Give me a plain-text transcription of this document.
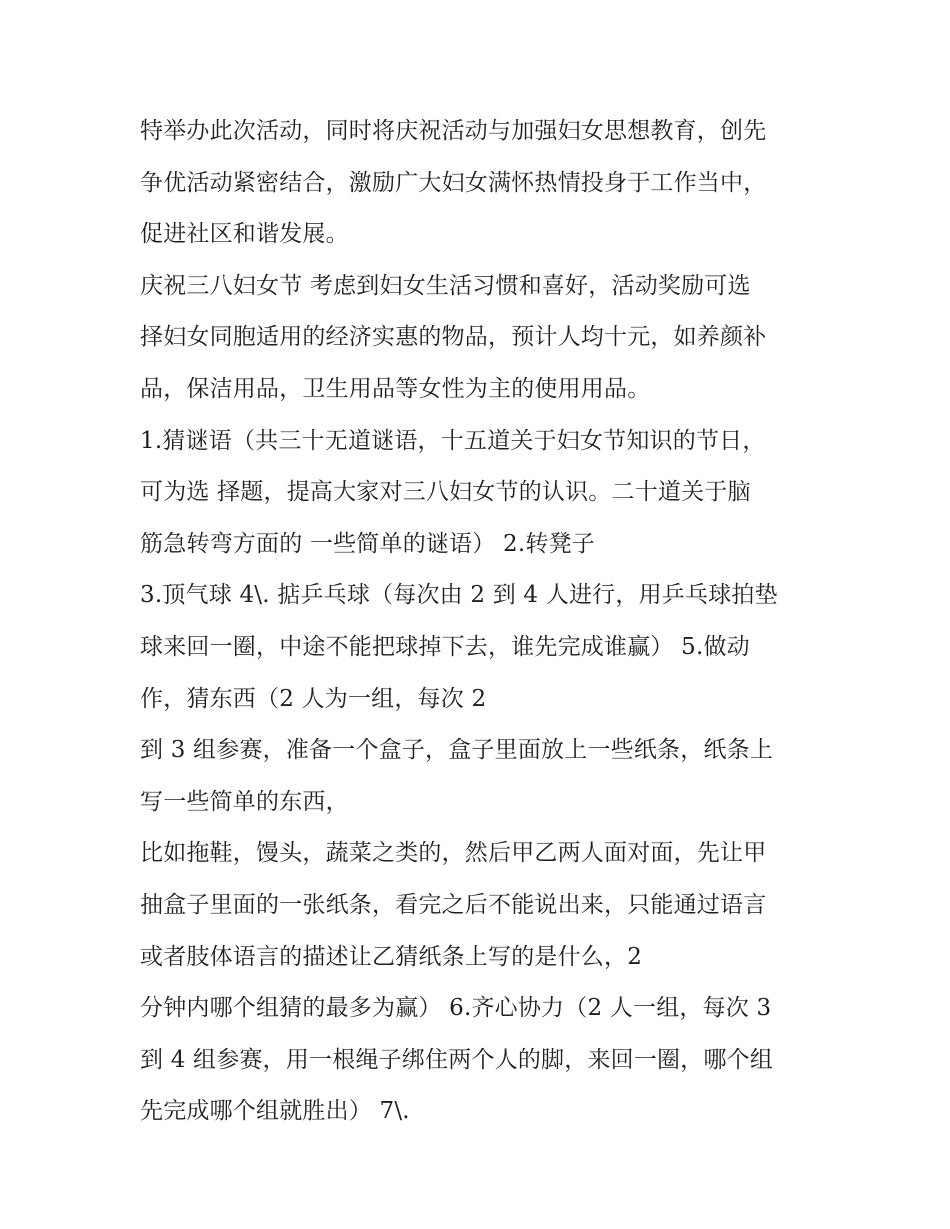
特举办此次活动，同时将庆祝活动与加强妇女思想教育，创先
争优活动紧密结合，激励广大妇女满怀热情投身于工作当中，
促进社区和谐发展。
庆祝三八妇女节 考虑到妇女生活习惯和喜好，活动奖励可选
择妇女同胞适用的经济实惠的物品，预计人均十元，如养颜补
品，保洁用品，卫生用品等女性为主的使用用品。
1.猜谜语（共三十无道谜语，十五道关于妇女节知识的节日，
可为选 择题，提高大家对三八妇女节的认识。二十道关于脑
筋急转弯方面的 一些简单的谜语） 2.转凳子
3.顶气球 4\. 掂乒乓球（每次由 2 到 4 人进行，用乒乓球拍垫
球来回一圈，中途不能把球掉下去，谁先完成谁赢） 5.做动
作，猜东西（2 人为一组，每次 2
到 3 组参赛，准备一个盒子，盒子里面放上一些纸条，纸条上
写一些简单的东西，
比如拖鞋，馒头，蔬菜之类的，然后甲乙两人面对面，先让甲
抽盒子里面的一张纸条，看完之后不能说出来，只能通过语言
或者肢体语言的描述让乙猜纸条上写的是什么，2
分钟内哪个组猜的最多为赢） 6.齐心协力（2 人一组，每次 3
到 4 组参赛，用一根绳子绑住两个人的脚，来回一圈，哪个组
先完成哪个组就胜出） 7\.
